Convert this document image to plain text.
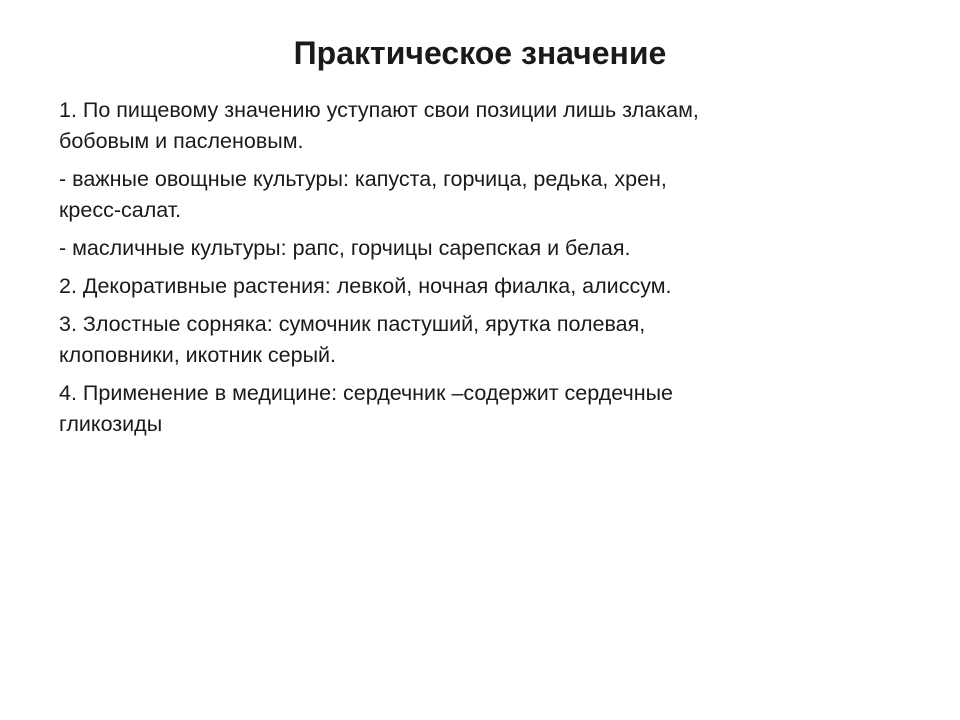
Практическое значение
1. По пищевому значению уступают свои позиции лишь злакам,
бобовым и пасленовым.
- важные овощные культуры: капуста, горчица, редька, хрен,
кресс-салат.
- масличные культуры: рапс, горчицы сарепская и белая.
2. Декоративные растения: левкой, ночная фиалка, алиссум.
3. Злостные сорняка: сумочник пастуший, ярутка полевая,
клоповники, икотник серый.
4. Применение в медицине: сердечник –содержит сердечные
гликозиды
